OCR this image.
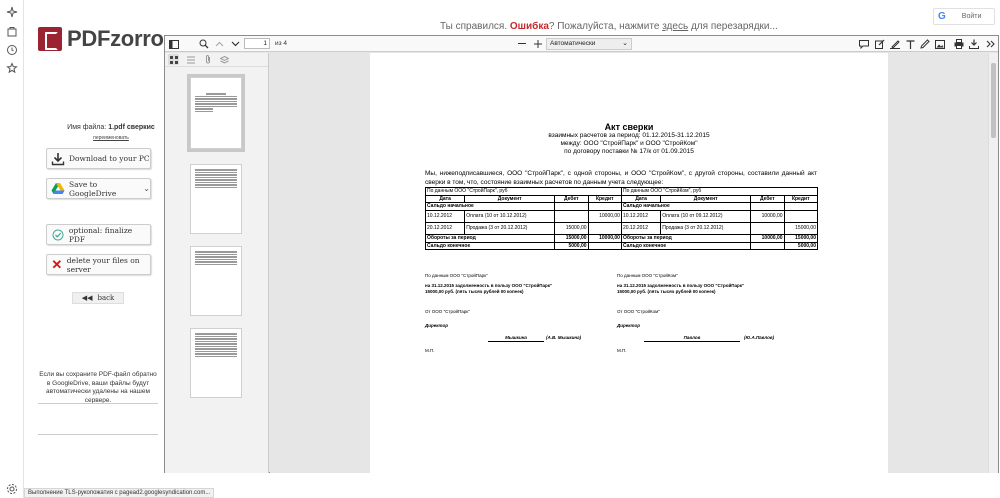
PDFzorro
Имя файла: 1.pdf сверкис
переименовать
Download to your PC
Save to GoogleDrive	⌄
optional: finalize PDF
✕ delete your files on server
◀◀ back
Если вы сохраните PDF-файл обратно в GoogleDrive, ваши файлы будут автоматически удалены на нашем сервере.
Ты справился. Ошибка? Пожалуйста, нажмите здесь для перезарядки...
G Войти
1	из 4	Автоматически	⌄
Акт сверки
взаимных расчетов за период: 01.12.2015-31.12.2015
между: ООО "СтройПарк" и ООО "СтройКом"
по договору поставки № 17/к от 01.09.2015
Мы, нижеподписавшиеся, ООО "СтройПарк", с одной стороны, и ООО "СтройКом", с другой стороны, составили данный акт сверки в том, что, состояние взаимных расчетов по данным учета следующее:
По данным ООО "СтройПарк", руб				По данным ООО "СтройКом", руб			
Дата	Документ	Дебет	Кредит	Дата	Документ	Дебет	Кредит
Сальдо начальное				Сальдо начальное			
10.12.2012	Оплата (10 от 10.12.2012)		10000,00	10.12.2012	Оплата (10 от 09.12.2012)	10000,00	
20.12.2012	Продажа (3 от 20.12.2012)	15000,00		20.12.2012	Продажа (3 от 20.12.2012)		15000,00
Обороты за период		15000,00	10000,00	Обороты за период		10000,00	15000,00
Сальдо конечное		5000,00		Сальдо конечное			5000,00
По данным ООО "СтройПарк"
на 31.12.2015 задолженность в пользу ООО "СтройПарк"
15000,00 руб. (пять тысяч рублей 00 копеек)
От ООО "СтройПарк"
Директор
Мышкина	(А.В. Мышкина)
М.П.
По данным ООО "СтройКом"
на 31.12.2015 задолженность в пользу ООО "СтройПарк"
15000,00 руб. (пять тысяч рублей 00 копеек)
От ООО "СтройКом"
Директор
Павлов	(Ю.А.Павлов)
М.П.
Выполнение TLS-рукопожатия с pagead2.googlesyndication.com...
